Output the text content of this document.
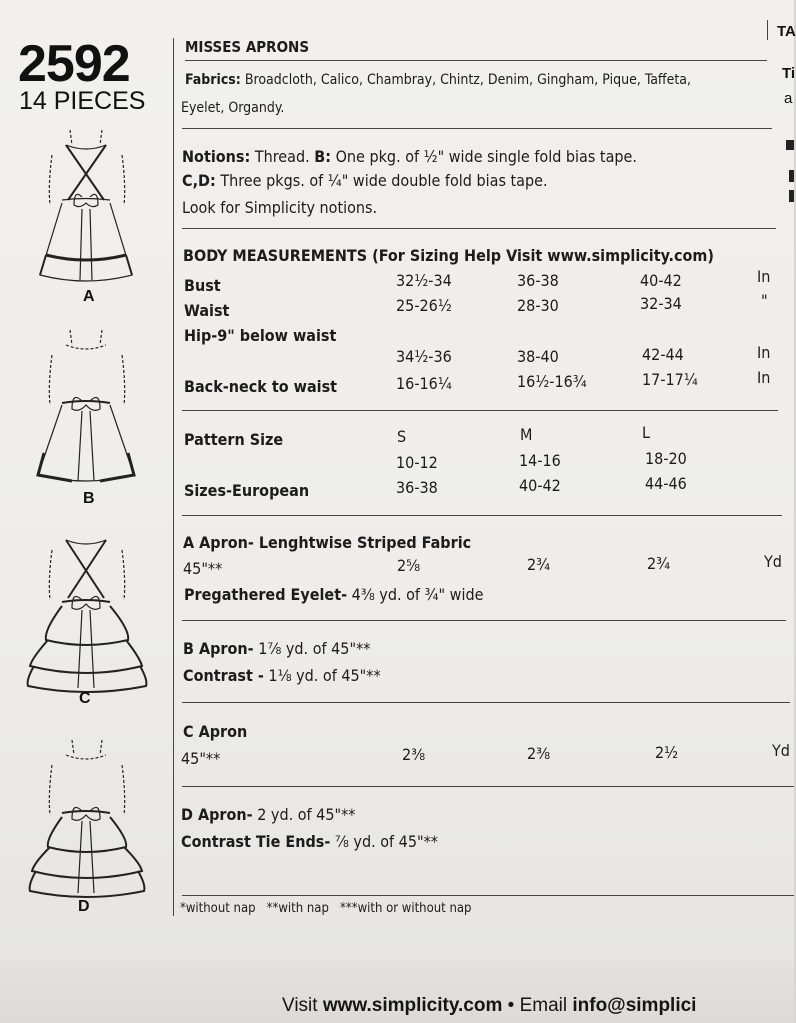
2592
14 PIECES
TA
Ti
a
A
B
C
D
MISSES APRONS
Fabrics: Broadcloth, Calico, Chambray, Chintz, Denim, Gingham, Pique, Taffeta,
Eyelet, Organdy.
Notions: Thread. B: One pkg. of ½" wide single fold bias tape.
C,D: Three pkgs. of ¼" wide double fold bias tape.
Look for Simplicity notions.
BODY MEASUREMENTS (For Sizing Help Visit www.simplicity.com)
Bust	32½-34	36-38	40-42	In
Waist	25-26½	28-30	32-34	"
Hip-9" below waist
34½-36	38-40	42-44	In
Back-neck to waist	16-16¼	16½-16¾	17-17¼	In
Pattern Size	S	M	L
10-12	14-16	18-20
Sizes-European	36-38	40-42	44-46
A Apron- Lenghtwise Striped Fabric
45"**	2⅝	2¾	2¾	Yd
Pregathered Eyelet- 4⅜ yd. of ¾" wide
B Apron- 1⅞ yd. of 45"**
Contrast - 1⅛ yd. of 45"**
C Apron
45"**	2⅜	2⅜	2½	Yd
D Apron- 2 yd. of 45"**
Contrast Tie Ends- ⅞ yd. of 45"**
*without nap **with nap ***with or without nap
Visit www.simplicity.com • Email info@simplici
